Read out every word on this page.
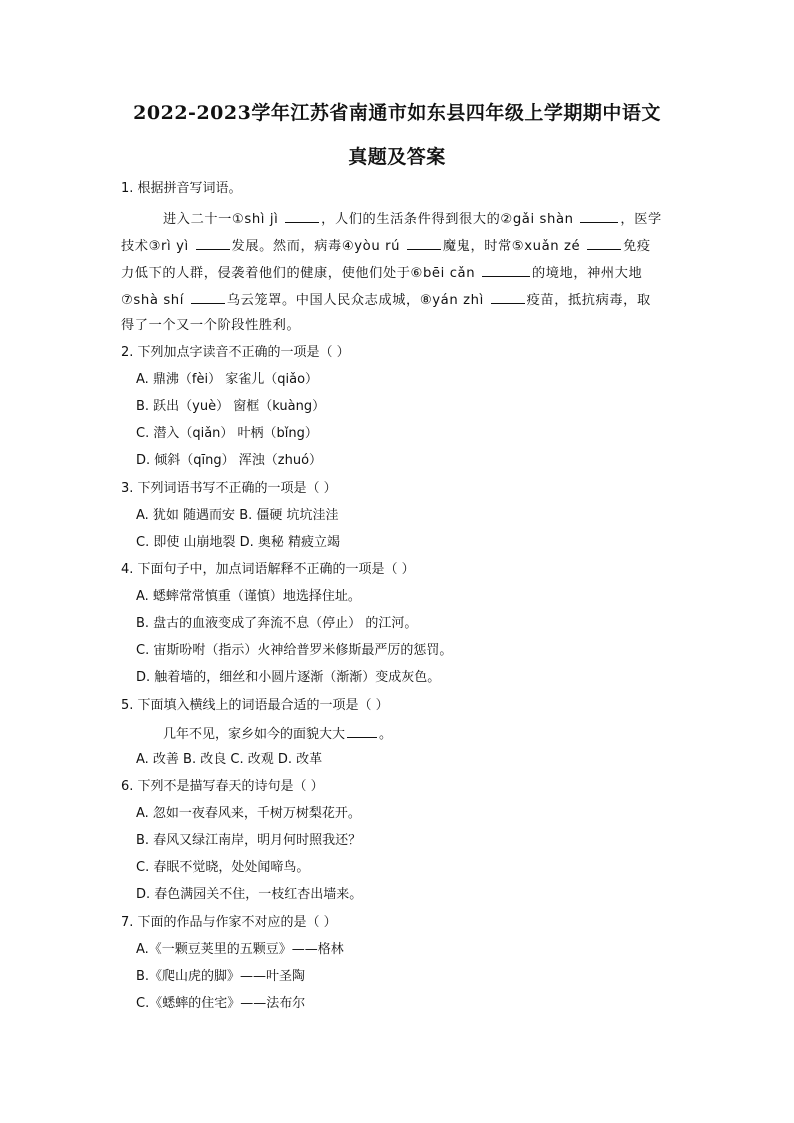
2022-2023学年江苏省南通市如东县四年级上学期期中语文
真题及答案
1. 根据拼音写词语。
进入二十一①shì jì	，人们的生活条件得到很大的②gǎi shàn	，医学
技术③rì yì	发展。然而，病毒④yòu rú	魔鬼，时常⑤xuǎn zé	免疫
力低下的人群，侵袭着他们的健康，使他们处于⑥bēi cǎn	的境地，神州大地
⑦shà shí	乌云笼罩。中国人民众志成城，⑧yán zhì	疫苗，抵抗病毒，取
得了一个又一个阶段性胜利。
2. 下列加点字读音不正确的一项是（ ）
A. 鼎沸（fèi） 家雀儿（qiǎo）
B. 跃出（yuè） 窗框（kuàng）
C. 潜入（qiǎn） 叶柄（bǐng）
D. 倾斜（qīng） 浑浊（zhuó）
3. 下列词语书写不正确的一项是（ ）
A. 犹如 随遇而安 B. 僵硬 坑坑洼洼
C. 即使 山崩地裂 D. 奥秘 精疲立竭
4. 下面句子中，加点词语解释不正确的一项是（ ）
A. 蟋蟀常常慎重（谨慎）地选择住址。
B. 盘古的血液变成了奔流不息（停止） 的江河。
C. 宙斯吩咐（指示）火神给普罗米修斯最严厉的惩罚。
D. 触着墙的，细丝和小圆片逐渐（渐渐）变成灰色。
5. 下面填入横线上的词语最合适的一项是（ ）
几年不见，家乡如今的面貌大大	。
A. 改善 B. 改良 C. 改观 D. 改革
6. 下列不是描写春天的诗句是（ ）
A. 忽如一夜春风来，千树万树梨花开。
B. 春风又绿江南岸，明月何时照我还？
C. 春眠不觉晓，处处闻啼鸟。
D. 春色满园关不住，一枝红杏出墙来。
7. 下面的作品与作家不对应的是（ ）
A.《一颗豆荚里的五颗豆》——格林
B.《爬山虎的脚》——叶圣陶
C.《蟋蟀的住宅》——法布尔
